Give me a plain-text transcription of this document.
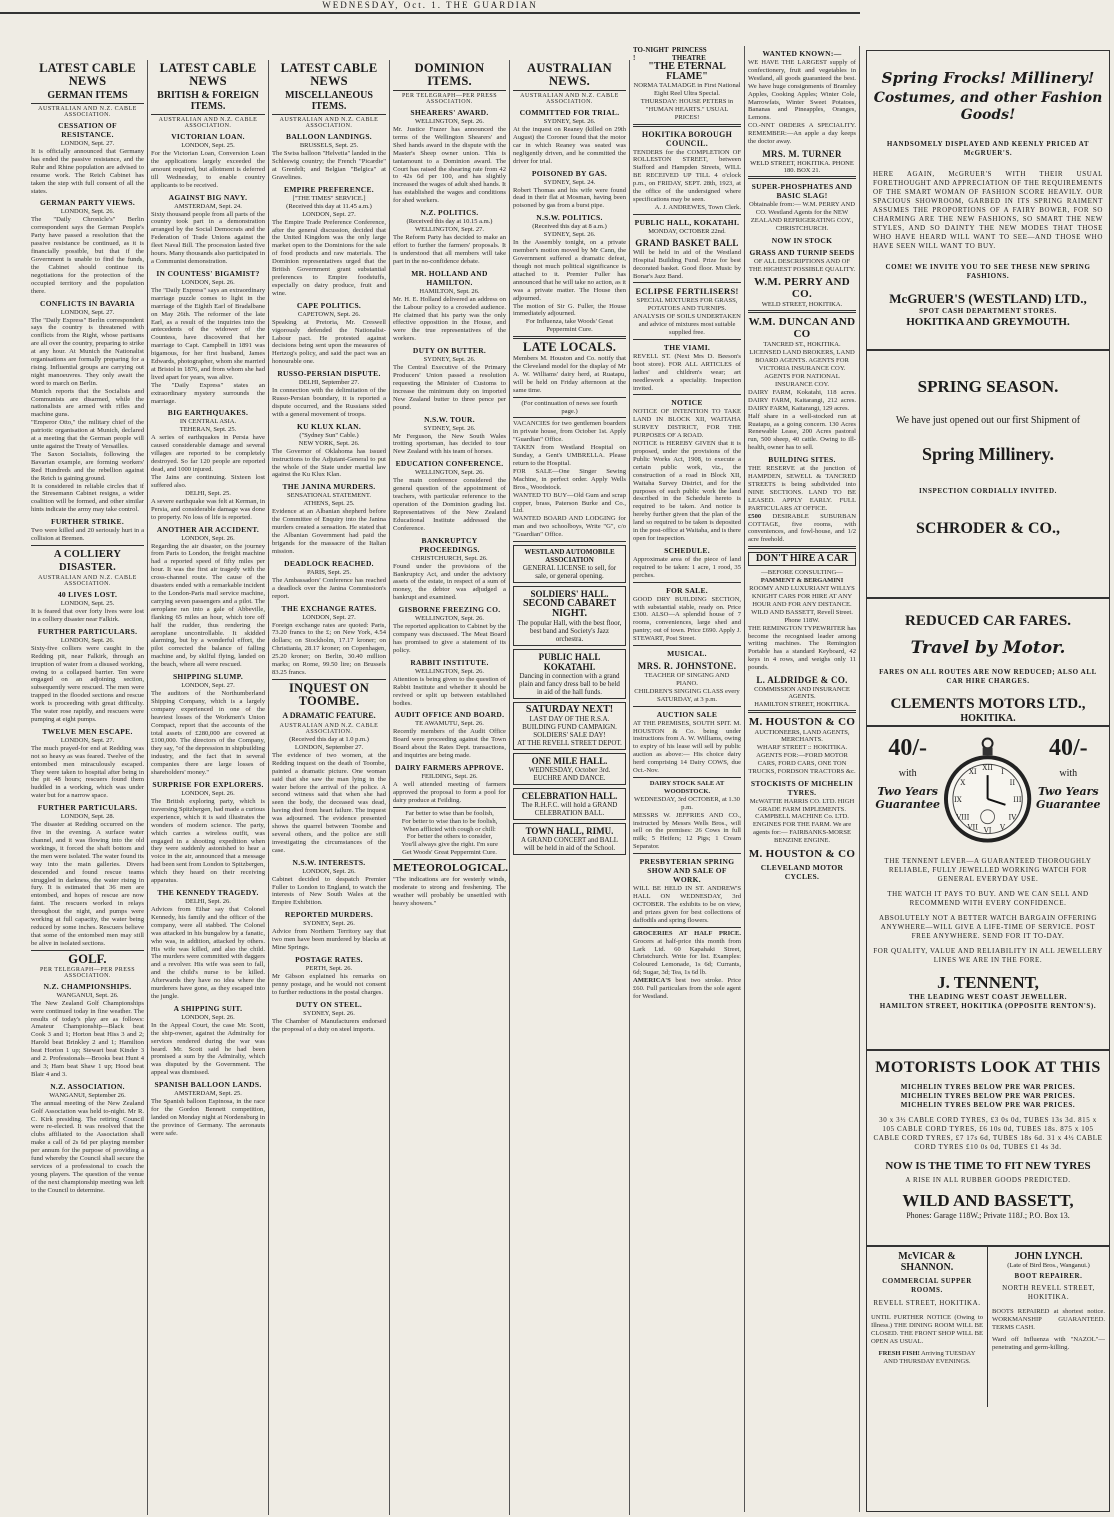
WEDNESDAY, Oct. 1. THE GUARDIAN
LATEST CABLE NEWS
GERMAN ITEMS
AUSTRALIAN AND N.Z. CABLE ASSOCIATION.
CESSATION OF RESISTANCE.
LONDON, Sept. 27.

It is officially announced that Germany has ended the passive resistance, and the Ruhr and Rhine population are advised to resume work. The Reich Cabinet has taken the step with full consent of all the states.

GERMAN PARTY VIEWS.
LONDON, Sept. 26.

The "Daily Chronicle's" Berlin correspondent says the German People's Party have passed a resolution that the passive resistance be continued, as it is financially possible, but that if the Government is unable to find the funds, the Cabinet should continue its negotiations for the protection of the occupied territory and the population there.

CONFLICTS IN BAVARIA
LONDON, Sept. 27.

The "Daily Express" Berlin correspondent says the country is threatened with conflicts from the Right, whose partisans are all over the country, preparing to strike at any hour. At Munich the Nationalist organisations are formally preparing for a rising. Influential groups are carrying out night manoeuvres. They only await the word to march on Berlin.

Munich reports that the Socialists and Communists are disarmed, while the nationalists are armed with rifles and machine guns.

"Emperor Otto," the military chief of the patriotic organisation at Munich, declared at a meeting that the German people will unite against the Treaty of Versailles.

The Saxon Socialists, following the Bavarian example, are forming workers' Red Hundreds and the rebellion against the Reich is gaining ground.

It is considered in reliable circles that if the Stresemann Cabinet resigns, a wider coalition will be formed, and other similar hints indicate the army may take control.

FURTHER STRIKE.

Two were killed and 20 seriously hurt in a collision at Bremen.

A COLLIERY DISASTER.
AUSTRALIAN AND N.Z. CABLE ASSOCIATION.
40 LIVES LOST.
LONDON, Sept. 25.

It is feared that over forty lives were lost in a colliery disaster near Falkirk.

FURTHER PARTICULARS.
LONDON, Sept. 26.

Sixty-five colliers were caught in the Redding pit, near Falkirk, through an irruption of water from a disused working, owing to a collapsed barrier. Ten were engaged on an adjoining section, subsequently were rescued. The men were trapped in the flooded sections and rescue work is proceeding with great difficulty. The water rose rapidly, and rescuers were pumping at eight pumps.

TWELVE MEN ESCAPE.
LONDON, Sept. 27.

The much prayed-for end at Redding was not so heavy as was feared. Twelve of the entombed men miraculously escaped. They were taken to hospital after being in the pit 48 hours; rescuers found them huddled in a working, which was under water but for a narrow space.

FURTHER PARTICULARS.
LONDON, Sept. 28.

The disaster at Redding occurred on the five in the evening. A surface water channel, and it was flowing into the old workings, it forced the shaft bottom and the men were isolated. The water found its way into the main galleries. Divers descended and found rescue teams struggled in darkness, the water rising in fury. It is estimated that 36 men are entombed, and hopes of rescue are now faint. The rescuers worked in relays throughout the night, and pumps were working at full capacity, the water being reduced by some inches. Rescuers believe that some of the entombed men may still be alive in isolated sections.

GOLF.
PER TELEGRAPH—PER PRESS ASSOCIATION.
N.Z. CHAMPIONSHIPS.
WANGANUI, Sept. 26.

The New Zealand Golf Championships were continued today in fine weather. The results of today's play are as follows: Amateur Championship—Black beat Cook 3 and 1; Horton beat Hiss 3 and 2; Harold beat Brinkley 2 and 1; Hamilton beat Horton 1 up; Stewart beat Kinder 3 and 2. Professionals—Brooks beat Hunt 4 and 3; Ham beat Shaw 1 up; Hood beat Blair 4 and 3.

N.Z. ASSOCIATION.
WANGANUI, September 26.

The annual meeting of the New Zealand Golf Association was held to-night. Mr R. C. Kirk presiding. The retiring Council were re-elected. It was resolved that the clubs affiliated to the Association shall make a call of 2s 6d per playing member per annum for the purpose of providing a fund whereby the Council shall secure the services of a professional to coach the young players. The question of the venue of the next championship meeting was left to the Council to determine.

LATEST CABLE NEWS
BRITISH & FOREIGN ITEMS.
AUSTRALIAN AND N.Z. CABLE ASSOCIATION.
VICTORIAN LOAN.
LONDON, Sept. 25.

For the Victorian Loan, Conversion Loan the applications largely exceeded the amount required, but allotment is deferred till Wednesday, to enable country applicants to be received.

AGAINST BIG NAVY.
AMSTERDAM, Sept. 24.

Sixty thousand people from all parts of the country took part in a demonstration arranged by the Social Democrats and the Federation of Trade Unions against the fleet Naval Bill. The procession lasted five hours. Many thousands also participated in a Communist demonstration.

IN COUNTESS' BIGAMIST?
LONDON, Sept. 26.

The "Daily Express" says an extraordinary marriage puzzle comes to light in the marriage of the Eighth Earl of Bradalbane on May 26th. The reformer of the late Earl, as a result of the inquiries into the antecedents of the widower of the Countess, have discovered that her marriage to Capt. Campbell in 1891 was bigamous, for her first husband, James Edwards, photographer, whom she married at Bristol in 1876, and from whom she had lived apart for years, was alive.

The "Daily Express" states an extraordinary mystery surrounds the marriage.

BIG EARTHQUAKES.
IN CENTRAL ASIA.
TEHERAN, Sept. 25.

A series of earthquakes in Persia have caused considerable damage and several villages are reported to be completely destroyed. So far 120 people are reported dead, and 1000 injured.

The Jains are continuing. Sixteen lost suffered also.

DELHI, Sept. 25.

A severe earthquake was felt at Kerman, in Persia, and considerable damage was done to property. No loss of life is reported.

ANOTHER AIR ACCIDENT.
LONDON, Sept. 26.

Regarding the air disaster, on the journey from Paris to London, the freight machine had a reported speed of fifty miles per hour. It was the first air tragedy with the cross-channel route. The cause of the disasters ended with a remarkable incident to the London-Paris mail service machine, carrying seven passengers and a pilot. The aeroplane ran into a gale of Abbeville, flanking 65 miles an hour, which tore off half the rudder, thus rendering the aeroplane uncontrollable. It skidded alarming, but by a wonderful effort, the pilot corrected the balance of falling machine and, by skilful flying, landed on the beach, where all were rescued.

SHIPPING SLUMP.
LONDON, Sept. 27.

The auditors of the Northumberland Shipping Company, which is a largely company experienced in one of the heaviest losses of the Workmen's Union Compact, report that the accounts of the total assets of £280,000 are covered at £100,000. The directors of the Company, they say, "of the depression in shipbuilding industry, and the fact that in several companies there are large losses of shareholders' money."

SURPRISE FOR EXPLORERS.
LONDON, Sept. 26.

The British exploring party, which is traversing Spitzbergen, had made a curious experience, which it is said illustrates the wonders of modern science. The party, which carries a wireless outfit, was engaged in a shooting expedition when they were suddenly astonished to hear a voice in the air, announced that a message had been sent from London to Spitzbergen, which they heard on their receiving apparatus.

THE KENNEDY TRAGEDY.
DELHI, Sept. 26.

Advices from Eihar say that Colonel Kennedy, his family and the officer of the company, were all stabbed. The Colonel was attacked in his bungalow by a fanatic, who was, in addition, attacked by others. His wife was killed, and also the child. The murders were committed with daggers and a revolver. His wife was seen to fall, and the child's nurse to be killed. Afterwards they have no idea where the murderers have gone, as they escaped into the jungle.

A SHIPPING SUIT.
LONDON, Sept. 26.

In the Appeal Court, the case Mr. Scott, the ship-owner, against the Admiralty for services rendered during the war was heard. Mr. Scott said he had been promised a sum by the Admiralty, which was disputed by the Government. The appeal was dismissed.

SPANISH BALLOON LANDS.
AMSTERDAM, Sept. 25.

The Spanish balloon Espinosa, in the race for the Gordon Bennett competition, landed on Monday night at Nordensburg in the province of Germany. The aeronauts were safe.

LATEST CABLE NEWS
MISCELLANEOUS ITEMS.
AUSTRALIAN AND N.Z. CABLE ASSOCIATION.
BALLOON LANDINGS.
BRUSSELS, Sept. 25.

The Swiss balloon "Helvetia" landed in the Schleswig country; the French "Picardie" at Grenfelt; and Belgian "Belgica" at Gravelines.

EMPIRE PREFERENCE.
["THE TIMES" SERVICE.]
(Received this day at 11.45 a.m.)
LONDON, Sept. 27.

The Empire Trade Preference Conference, after the general discussion, decided that the United Kingdom was the only large market open to the Dominions for the sale of food products and raw materials. The Dominion representatives urged that the British Government grant substantial preferences to Empire foodstuffs, especially on dairy produce, fruit and wine.

CAPE POLITICS.
CAPETOWN, Sept. 26.

Speaking at Pretoria, Mr. Creswell vigorously defended the Nationalist-Labour pact. He protested against decisions being sent upon the measures of Hertzog's policy, and said the pact was an honourable one.

RUSSO-PERSIAN DISPUTE.
DELHI, September 27.

In connection with the delimitation of the Russo-Persian boundary, it is reported a dispute occurred, and the Russians sided with a general movement of troops.

KU KLUX KLAN.
("Sydney Sun" Cable.)
NEW YORK, Sept. 26.

The Governor of Oklahoma has issued instructions to the Adjutant-General to put the whole of the State under martial law against the Ku Klux Klan.

THE JANINA MURDERS.
SENSATIONAL STATEMENT.
ATHENS, Sept. 25.

Evidence at an Albanian shepherd before the Committee of Enquiry into the Janina murders created a sensation. He stated that the Albanian Government had paid the brigands for the massacre of the Italian mission.

DEADLOCK REACHED.
PARIS, Sept. 25.

The Ambassadors' Conference has reached a deadlock over the Janina Commission's report.

THE EXCHANGE RATES.
LONDON, Sept. 27.

Foreign exchange rates are quoted: Paris, 73.20 francs to the £; on New York, 4.54 dollars; on Stockholm, 17.17 kroner; on Christiania, 28.17 kroner; on Copenhagen, 25.20 kroner; on Berlin, 30.40 million marks; on Rome, 99.50 lire; on Brussels 83.25 francs.

INQUEST ON TOOMBE.
A DRAMATIC FEATURE.
AUSTRALIAN AND N.Z. CABLE ASSOCIATION.
(Received this day at 1.0 p.m.)
LONDON, September 27.

The evidence of two women, at the Redding inquest on the death of Toombe, painted a dramatic picture. One woman said that she saw the man lying in the water before the arrival of the police. A second witness said that when she had seen the body, the deceased was dead, having died from heart failure. The inquest was adjourned. The evidence presented shows the quarrel between Toombe and several others, and the police are still investigating the circumstances of the case.

N.S.W. INTERESTS.
LONDON, Sept. 26.

Cabinet decided to despatch Premier Fuller to London to England, to watch the interests of New South Wales at the Empire Exhibition.

REPORTED MURDERS.
SYDNEY, Sept. 26.

Advice from Northern Territory say that two men have been murdered by blacks at Mine Springs.

POSTAGE RATES.
PERTH, Sept. 26.

Mr Gibson explained his remarks on penny postage, and he would not consent to further reductions in the postal charges.

DUTY ON STEEL.
SYDNEY, Sept. 26.

The Chamber of Manufacturers endorsed the proposal of a duty on steel imports.

DOMINION ITEMS.
PER TELEGRAPH—PER PRESS ASSOCIATION.
SHEARERS' AWARD.
WELLINGTON, Sept. 26.

Mr. Justice Frazer has announced the terms of the Wellington Shearers' and Shed hands award in the dispute with the Master's Sheep owner union. This is tantamount to a Dominion award. The Court has raised the shearing rate from 42 to 42s 6d per 100, and has slightly increased the wages of adult shed hands. It has established the wages and conditions for shed workers.

N.Z. POLITICS.
(Received this day at 10.15 a.m.)
WELLINGTON, Sept. 27.

The Reform Party has decided to make an effort to further the farmers' proposals. It is understood that all members will take part in the no-confidence debate.

MR. HOLLAND AND HAMILTON.
HAMILTON, Sept. 26.

Mr. H. E. Holland delivered an address on the Labour policy to a crowded audience. He claimed that his party was the only effective opposition in the House, and were the true representatives of the workers.

DUTY ON BUTTER.
SYDNEY, Sept. 26.

The Central Executive of the Primary Producers' Union passed a resolution requesting the Minister of Customs to increase the minimum duty on imported New Zealand butter to three pence per pound.

N.S.W. TOUR.
SYDNEY, Sept. 26.

Mr Ferguson, the New South Wales trotting sportsman, has decided to tour New Zealand with his team of horses.

EDUCATION CONFERENCE.
WELLINGTON, Sept. 26.

The main conference considered the general question of the appointment of teachers, with particular reference to the operation of the Dominion grading list. Representatives of the New Zealand Educational Institute addressed the Conference.

BANKRUPTCY PROCEEDINGS.
CHRISTCHURCH, Sept. 26.

Found under the provisions of the Bankruptcy Act, and under the advisory assets of the estate, in respect of a sum of money, the debtor was adjudged a bankrupt and examined.

GISBORNE FREEZING CO.
WELLINGTON, Sept. 26.

The reported application to Cabinet by the company was discussed. The Meat Board has promised to give a statement of its policy.

RABBIT INSTITUTE.
WELLINGTON, Sept. 26.

Attention is being given to the question of Rabbit Institute and whether it should be revived or split up between established bodies.

AUDIT OFFICE AND BOARD.
TE AWAMUTU, Sept. 26.

Recently members of the Audit Office Board were proceeding against the Town Board about the Rates Dept. transactions, and inquiries are being made.

DAIRY FARMERS APPROVE.
FEILDING, Sept. 26.

A well attended meeting of farmers approved the proposal to form a pool for dairy produce at Feilding.

Far better to wise than be foolish,
For better to wise than to be foolish,
When afflicted with cough or chill:
For better the others to consider,
You'll always give the right. I'm sure
Get Woods' Great Peppermint Cure.

METEOROLOGICAL.

"The indications are for westerly winds, moderate to strong and freshening. The weather will probably be unsettled with heavy showers."

AUSTRALIAN NEWS.
AUSTRALIAN AND N.Z. CABLE ASSOCIATION.
COMMITTED FOR TRIAL.
SYDNEY, Sept. 26.

At the inquest on Reaney (killed on 29th August) the Coroner found that the motor car in which Reaney was seated was negligently driven, and he committed the driver for trial.

POISONED BY GAS.
SYDNEY, Sept. 24.

Robert Thomas and his wife were found dead in their flat at Mosman, having been poisoned by gas from a burst pipe.

N.S.W. POLITICS.
(Received this day at 8 a.m.)
SYDNEY, Sept. 26.

In the Assembly tonight, on a private member's motion moved by Mr Cann, the Government suffered a dramatic defeat, though not much political significance is attached to it. Premier Fuller has announced that he will take no action, as it was a private matter. The House then adjourned.

The motion of Sir G. Fuller, the House immediately adjourned.

For Influenza, take Woods' Great Peppermint Cure.

LATE LOCALS.

Members M. Houston and Co. notify that the Cleveland model for the display of Mr A. W. Williams' dairy herd, at Ruatapu, will be held on Friday afternoon at the same time.

(For continuation of news see fourth page.)

VACANCIES for two gentlemen boarders in private house, from October 1st. Apply "Guardian" Office.

TAKEN from Westland Hospital on Sunday, a Gent's UMBRELLA. Please return to the Hospital.

FOR SALE—One Singer Sewing Machine, in perfect order. Apply Wells Bros., Woodstock.

WANTED TO BUY—Old Gum and scrap copper, brass, Paterson Burke and Co., Ltd.

WANTED BOARD AND LODGING for man and two schoolboys, Write "G", c/o "Guardian" Office.

WESTLAND AUTOMOBILE ASSOCIATION
GENERAL LICENSE to sell, for sale, or general opening.
SOLDIERS' HALL.
SECOND CABARET NIGHT.
The popular Hall, with the best floor, best band and Society's Jazz orchestra.
PUBLIC HALL KOKATAHI.
Dancing in connection with a grand plain and fancy dress ball to be held in aid of the hall funds.
SATURDAY NEXT!
LAST DAY OF THE R.S.A. BUILDING FUND CAMPAIGN.
SOLDIERS' SALE DAY!
AT THE REVELL STREET DEPOT.
ONE MILE HALL.
WEDNESDAY, October 3rd. EUCHRE AND DANCE.
CELEBRATION HALL.
The R.H.F.C. will hold a GRAND CELEBRATION BALL.
TOWN HALL, RIMU.
A GRAND CONCERT and BALL will be held in aid of the School.
TO-NIGHT !
PRINCESS THEATRE
"THE ETERNAL FLAME"

NORMA TALMADGE in First National Eight Reel Ultra Special.
THURSDAY: HOUSE PETERS in "HUMAN HEARTS." USUAL PRICES!

HOKITIKA BOROUGH COUNCIL.

TENDERS for the COMPLETION OF ROLLESTON STREET, between Stafford and Hampden Streets, WILL BE RECEIVED UP TILL 4 o'clock p.m., on FRIDAY, SEPT. 28th, 1923, at the office of the undersigned where specifications may be seen.

A. J. ANDREWES, Town Clerk.

PUBLIC HALL, KOKATAHI.
MONDAY, OCTOBER 22nd.
GRAND BASKET BALL

Will be held in aid of the Westland Hospital Building Fund. Prize for best decorated basket. Good floor. Music by Bonar's Jazz Band.

ECLIPSE FERTILISERS!

SPECIAL MIXTURES FOR GRASS, POTATOES AND TURNIPS.
ANALYSIS OF SOILS UNDERTAKEN and advice of mixtures most suitable supplied free.

THE VIAMI.

REVELL ST. (Next Mrs D. Beeson's boot store). FOR ALL ARTICLES of ladies' and children's wear; art needlework a speciality. Inspection invited.

NOTICE

NOTICE OF INTENTION TO TAKE LAND IN BLOCK XII, WAITAHA SURVEY DISTRICT, FOR THE PURPOSES OF A ROAD.

NOTICE is HEREBY GIVEN that it is proposed, under the provisions of the Public Works Act, 1908, to execute a certain public work, viz., the construction of a road in Block XII, Waitaha Survey District, and for the purposes of such public work the land described in the Schedule hereto is required to be taken. And notice is hereby further given that the plan of the land so required to be taken is deposited in the post-office at Waitaha, and is there open for inspection.

SCHEDULE.

Approximate area of the piece of land required to be taken: 1 acre, 1 rood, 35 perches.

FOR SALE.

GOOD DRY BUILDING SECTION, with substantial stable, ready on. Price £300. ALSO—A splendid house of 7 rooms, conveniences, large shed and pantry; out of town. Price £690. Apply J. STEWART, Post Street.

MUSICAL.
MRS. R. JOHNSTONE.

TEACHER OF SINGING AND PIANO.
CHILDREN'S SINGING CLASS every SATURDAY, at 3 p.m.

AUCTION SALE

AT THE PREMISES, SOUTH SPIT. M. HOUSTON & Co. being under instructions from A. W. Williams, owing to expiry of his lease will sell by public auction as above:— His choice dairy herd comprising 14 Dairy COWS, due Oct.-Nov.

DAIRY STOCK SALE AT WOODSTOCK.
WEDNESDAY, 3rd OCTOBER, at 1.30 p.m.

MESSRS W. JEFFRIES AND CO., instructed by Messrs Wells Bros., will sell on the premises: 26 Cows in full milk; 5 Heifers; 12 Pigs; 1 Cream Separator.

PRESBYTERIAN SPRING SHOW AND SALE OF WORK.

WILL BE HELD IN ST. ANDREW'S HALL ON WEDNESDAY, 3rd OCTOBER. The exhibits to be on view, and prizes given for best collections of daffodils and spring flowers.

GROCERIES AT HALF PRICE. Grocers at half-price this month from Lark Ltd. 60 Kapahaki Street, Christchurch. Write for list. Examples: Coloured Lemonade, 1s 6d; Currants, 6d; Sugar, 3d; Tea, 1s 6d lb.

AMERICA'S best two stroke. Price £60. Full particulars from the sole agent for Westland.

WANTED KNOWN:—

WE HAVE THE LARGEST supply of confectionery, fruit and vegetables in Westland, all goods guaranteed the best. We have huge consignments of Bramley Apples, Cooking Apples; Winter Cole, Marrowfats, Winter Sweet Potatoes, Bananas and Pineapples, Oranges, Lemons.

CO.-NNT ORDERS A SPECIALITY. REMEMBER:—An apple a day keeps the doctor away.

MRS. M. TURNER
WELD STREET, HOKITIKA. PHONE 180. BOX 21.
SUPER-PHOSPHATES AND BASIC SLAG!

Obtainable from:— W.M. PERRY AND CO. Westland Agents for the NEW ZEALAND REFRIGERATING COY., CHRISTCHURCH.

NOW IN STOCK
GRASS AND TURNIP SEEDS

OF ALL DESCRIPTIONS AND OF THE HIGHEST POSSIBLE QUALITY.

W.M. PERRY AND CO.
WELD STREET, HOKITIKA.
W.M. DUNCAN AND CO
TANCRED ST., HOKITIKA.

LICENSED LAND BROKERS, LAND BOARD AGENTS. AGENTS FOR VICTORIA INSURANCE COY. AGENTS FOR NATIONAL INSURANCE COY.

DAIRY FARM, Kokatahi, 118 acres. DAIRY FARM, Kaitarangi, 212 acres. DAIRY FARM, Kaitarangi, 129 acres.

Half share in a well-stocked run at Ruatapu, as a going concern. 130 Acres Renewable Lease, 200 Acres pastoral run, 500 sheep, 40 cattle. Owing to ill-health, owner has to sell.

BUILDING SITES.

THE RESERVE at the junction of HAMPDEN, SEWELL & TANCRED STREETS is being subdivided into NINE SECTIONS. LAND TO BE LEASED. APPLY EARLY. FULL PARTICULARS AT OFFICE.

£500 DESIRABLE SUBURBAN COTTAGE, five rooms, with conveniences, and fowl-house, and 1/2 acre freehold.

DON'T HIRE A CAR

—BEFORE CONSULTING—
PAMMENT & BERGAMINI
ROOMY AND LUXURIANT WILLYS KNIGHT CARS FOR HIRE AT ANY HOUR AND FOR ANY DISTANCE.

WILD AND BASSETT, Revell Street. Phone 118W.

THE REMINGTON TYPEWRITER has become the recognised leader among writing machines. The Remington Portable has a standard Keyboard, 42 keys in 4 rows, and weighs only 11 pounds.

L. ALDRIDGE & CO.
COMMISSION AND INSURANCE AGENTS.
HAMILTON STREET, HOKITIKA.
M. HOUSTON & CO
AUCTIONEERS, LAND AGENTS, MERCHANTS.

WHARF STREET :: HOKITIKA. AGENTS FOR:—FORD MOTOR CARS, FORD CARS, ONE TON TRUCKS, FORDSON TRACTORS &c.

STOCKISTS OF MICHELIN TYRES.

McWATTIE HARRIS CO. LTD. HIGH GRADE FARM IMPLEMENTS. CAMPBELL MACHINE Co. LTD.
ENGINES FOR THE FARM. We are agents for:— FAIRBANKS-MORSE BENZINE ENGINE.

M. HOUSTON & CO
CLEVELAND MOTOR CYCLES.
Spring Frocks! Millinery!
Costumes, and other Fashion Goods!
HANDSOMELY DISPLAYED AND KEENLY PRICED AT McGRUER'S.
HERE AGAIN, McGRUER'S WITH THEIR USUAL FORETHOUGHT AND APPRECIATION OF THE REQUIREMENTS OF THE SMART WOMAN OF FASHION SCORE HEAVILY. OUR SPACIOUS SHOWROOM, GARBED IN ITS SPRING RAIMENT ASSUMES THE PROPORTIONS OF A FAIRY BOWER, FOR SO CHARMING ARE THE NEW FASHIONS, SO SMART THE NEW STYLES, AND SO DAINTY THE NEW MODES THAT THOSE WHO HAVE HEARD WILL WANT TO SEE—AND THOSE WHO HAVE SEEN WILL WANT TO BUY.
COME! WE INVITE YOU TO SEE THESE NEW SPRING FASHIONS.
McGRUER'S (WESTLAND) LTD.,
SPOT CASH DEPARTMENT STORES.
HOKITIKA AND GREYMOUTH.
SPRING SEASON.
We have just opened out our first Shipment of
Spring Millinery.
INSPECTION CORDIALLY INVITED.
SCHRODER & CO.,
REDUCED CAR FARES.
Travel by Motor.
FARES ON ALL ROUTES ARE NOW REDUCED; ALSO ALL CAR HIRE CHARGES.
CLEMENTS MOTORS LTD.,
HOKITIKA.
40/-
with
Two Years Guarantee
XII
III
VI
IX
I
II
IV
V
VII
VIII
X
XI
40/-
with
Two Years Guarantee
THE TENNENT LEVER—A GUARANTEED THOROUGHLY RELIABLE, FULLY JEWELLED WORKING WATCH FOR GENERAL EVERYDAY USE.
THE WATCH IT PAYS TO BUY. AND WE CAN SELL AND RECOMMEND WITH EVERY CONFIDENCE.
ABSOLUTELY NOT A BETTER WATCH BARGAIN OFFERING ANYWHERE—WILL GIVE A LIFE-TIME OF SERVICE. POST FREE ANYWHERE. SEND FOR IT TO-DAY.
FOR QUALITY, VALUE AND RELIABILITY IN ALL JEWELLERY LINES WE ARE IN THE FORE.
J. TENNENT,
THE LEADING WEST COAST JEWELLER.
HAMILTON STREET, HOKITIKA (OPPOSITE RENTON'S).
MOTORISTS LOOK AT THIS
MICHELIN TYRES BELOW PRE WAR PRICES.
MICHELIN TYRES BELOW PRE WAR PRICES.
MICHELIN TYRES BELOW PRE WAR PRICES.
30 x 3½ CABLE CORD TYRES, £3 0s 0d, TUBES 13s 3d. 815 x 105 CABLE CORD TYRES, £6 10s 0d, TUBES 18s. 875 x 105 CABLE CORD TYRES, £7 17s 6d, TUBES 18s 6d. 31 x 4½ CABLE CORD TYRES £10 0s 0d, TUBES £1 4s 3d.
NOW IS THE TIME TO FIT NEW TYRES
A RISE IN ALL RUBBER GOODS PREDICTED.
WILD AND BASSETT,
Phones: Garage 118W.; Private 118J.; P.O. Box 13.
McVICAR & SHANNON.
COMMERCIAL SUPPER ROOMS.
REVELL STREET, HOKITIKA.

UNTIL FURTHER NOTICE (Owing to Illness.) THE DINING ROOM WILL BE CLOSED. THE FRONT SHOP WILL BE OPEN AS USUAL.

FRESH FISH! Arriving TUESDAY AND THURSDAY EVENINGS.

JOHN LYNCH.
(Late of Bird Bros., Wanganui.)
BOOT REPAIRER.
NORTH REVELL STREET, HOKITIKA.

BOOTS REPAIRED at shortest notice. WORKMANSHIP GUARANTEED. TERMS CASH.

Ward off Influenza with "NAZOL"—penetrating and germ-killing.
